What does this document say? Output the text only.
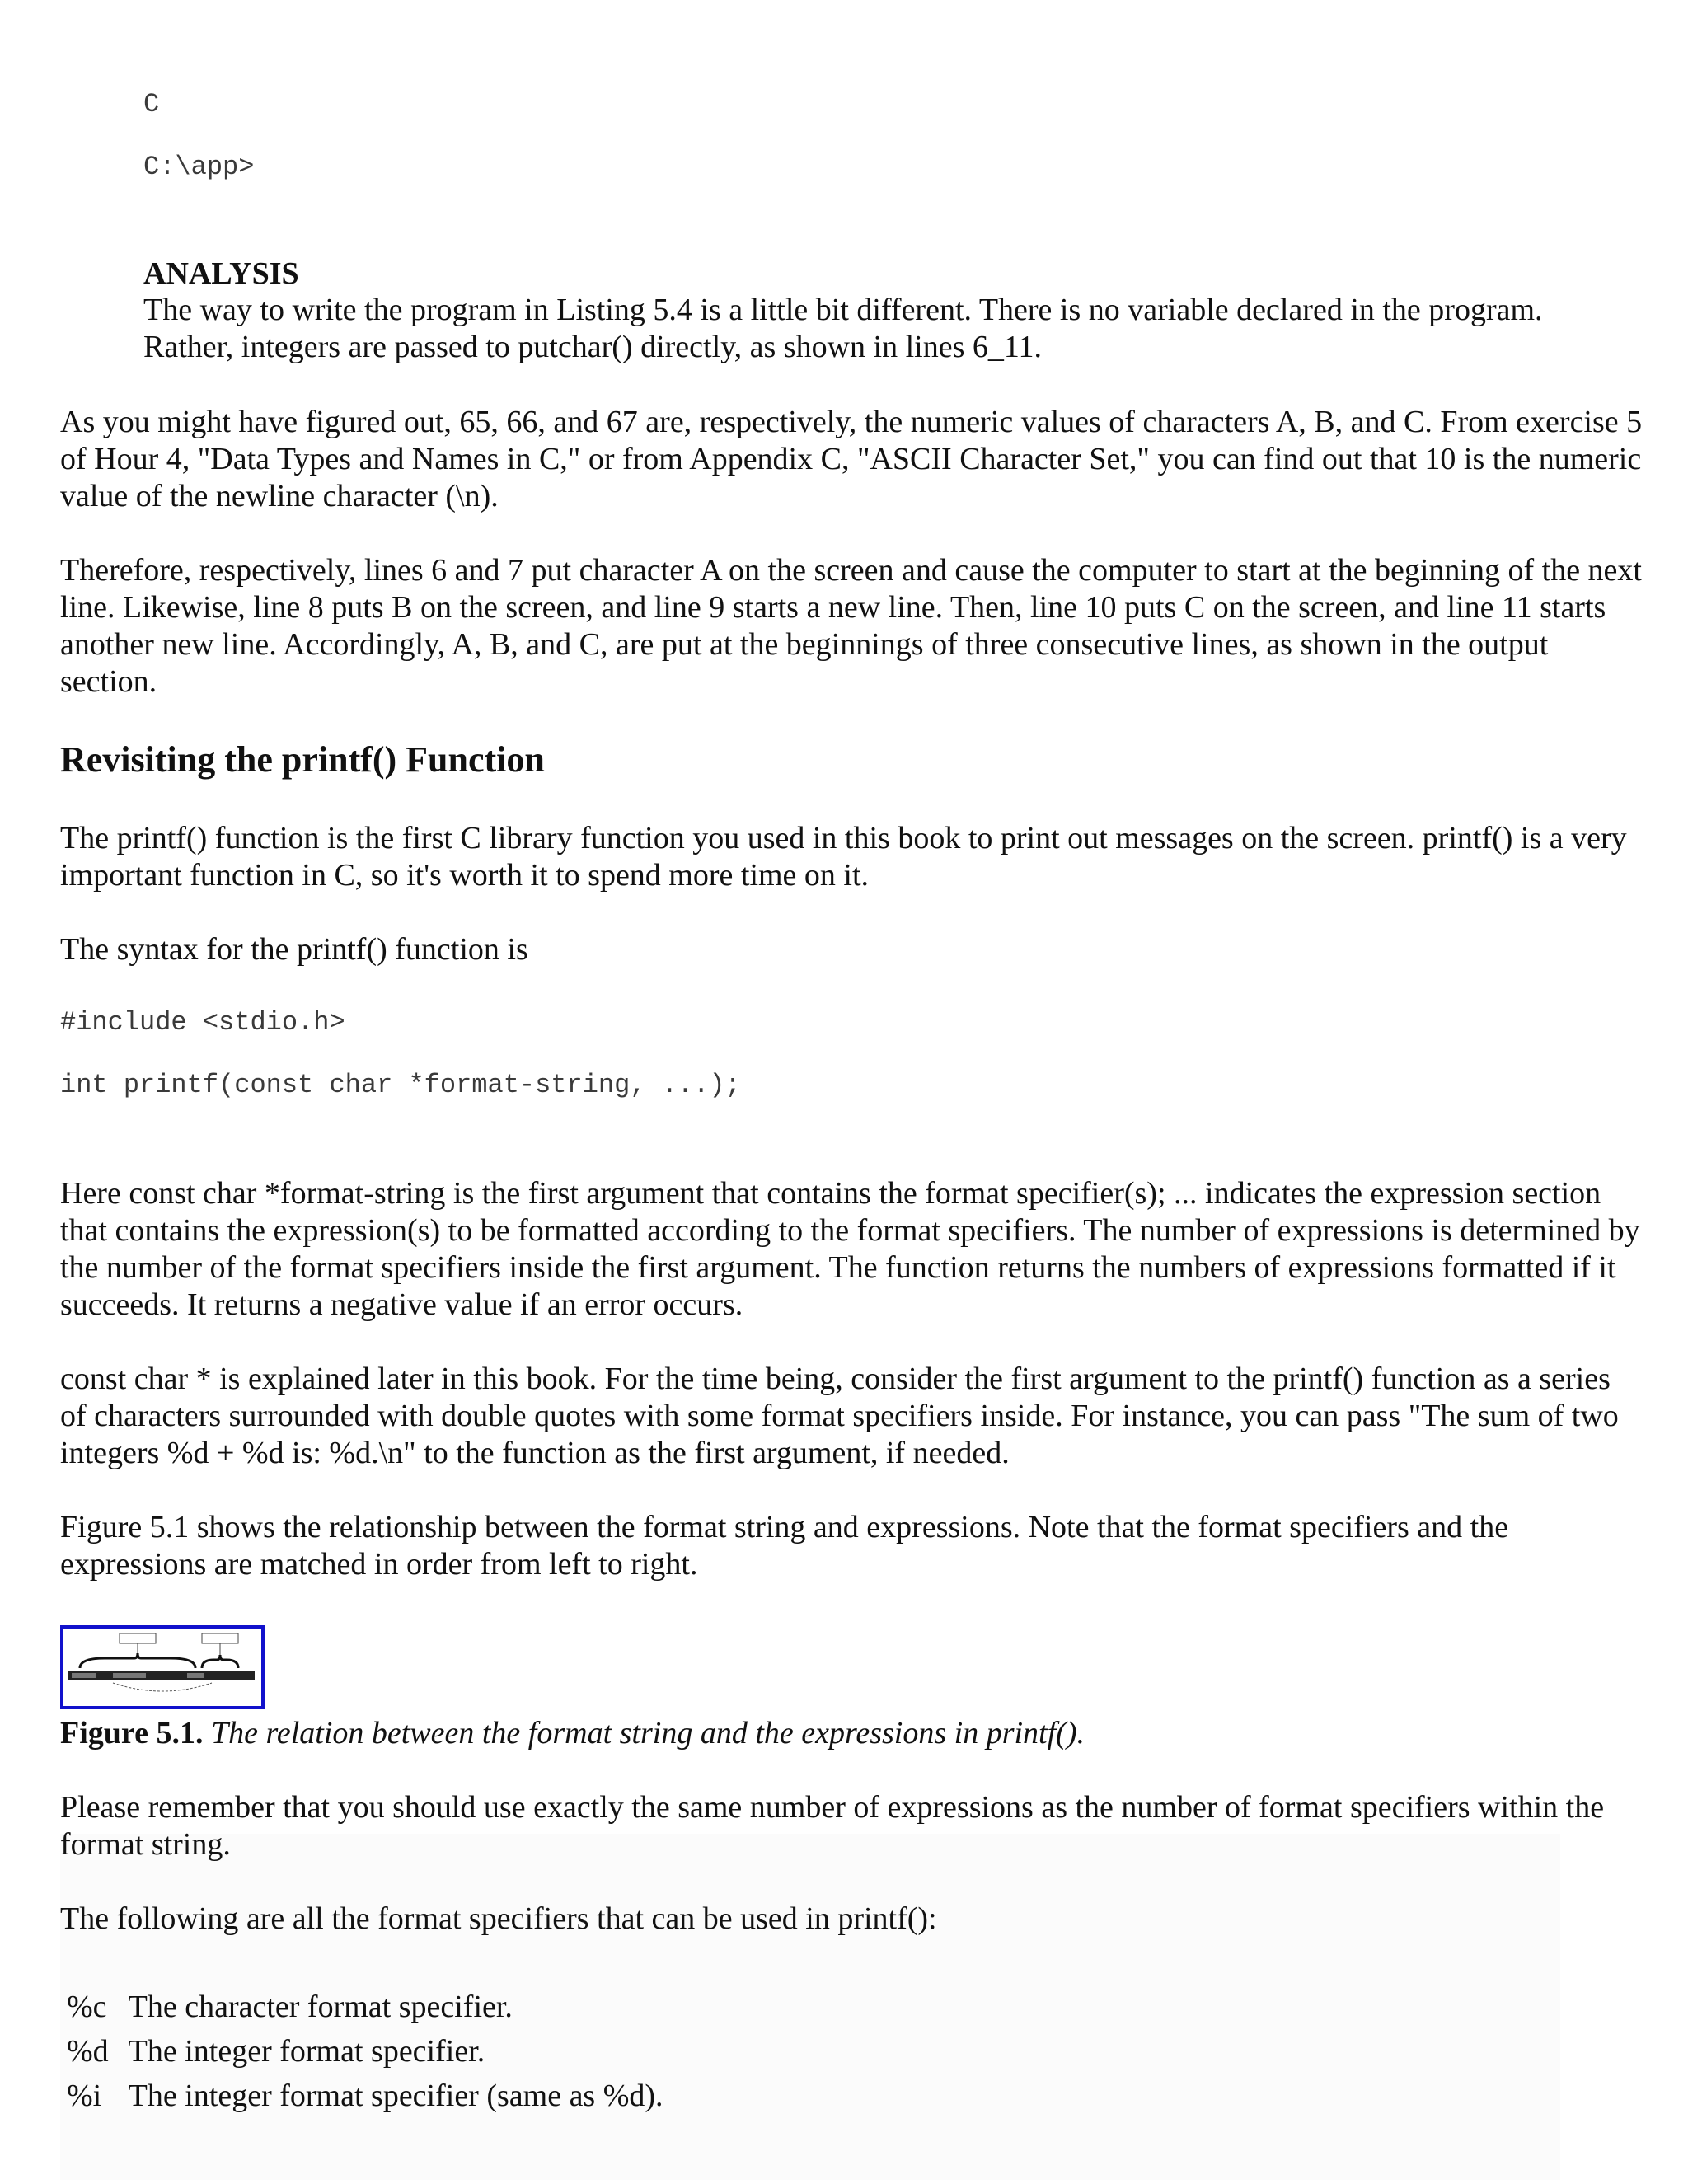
C
C:\app>
ANALYSIS

The way to write the program in Listing 5.4 is a little bit different. There is no variable declared in the program. Rather, integers are passed to putchar() directly, as shown in lines 6_11.

As you might have figured out, 65, 66, and 67 are, respectively, the numeric values of characters A, B, and C. From exercise 5 of Hour 4, "Data Types and Names in C," or from Appendix C, "ASCII Character Set," you can find out that 10 is the numeric value of the newline character (\n).

Therefore, respectively, lines 6 and 7 put character A on the screen and cause the computer to start at the beginning of the next line. Likewise, line 8 puts B on the screen, and line 9 starts a new line. Then, line 10 puts C on the screen, and line 11 starts another new line. Accordingly, A, B, and C, are put at the beginnings of three consecutive lines, as shown in the output section.

Revisiting the printf() Function

The printf() function is the first C library function you used in this book to print out messages on the screen. printf() is a very important function in C, so it's worth it to spend more time on it.

The syntax for the printf() function is

#include <stdio.h>
int printf(const char *format-string, ...);

Here const char *format-string is the first argument that contains the format specifier(s); ... indicates the expression section that contains the expression(s) to be formatted according to the format specifiers. The number of expressions is determined by the number of the format specifiers inside the first argument. The function returns the numbers of expressions formatted if it succeeds. It returns a negative value if an error occurs.

const char * is explained later in this book. For the time being, consider the first argument to the printf() function as a series of characters surrounded with double quotes with some format specifiers inside. For instance, you can pass "The sum of two integers %d + %d is: %d.\n" to the function as the first argument, if needed.

Figure 5.1 shows the relationship between the format string and expressions. Note that the format specifiers and the expressions are matched in order from left to right.

Figure 5.1. The relation between the format string and the expressions in printf().

Please remember that you should use exactly the same number of expressions as the number of format specifiers within the format string.

The following are all the format specifiers that can be used in printf():

%c	The character format specifier.
%d	The integer format specifier.
%i	The integer format specifier (same as %d).
